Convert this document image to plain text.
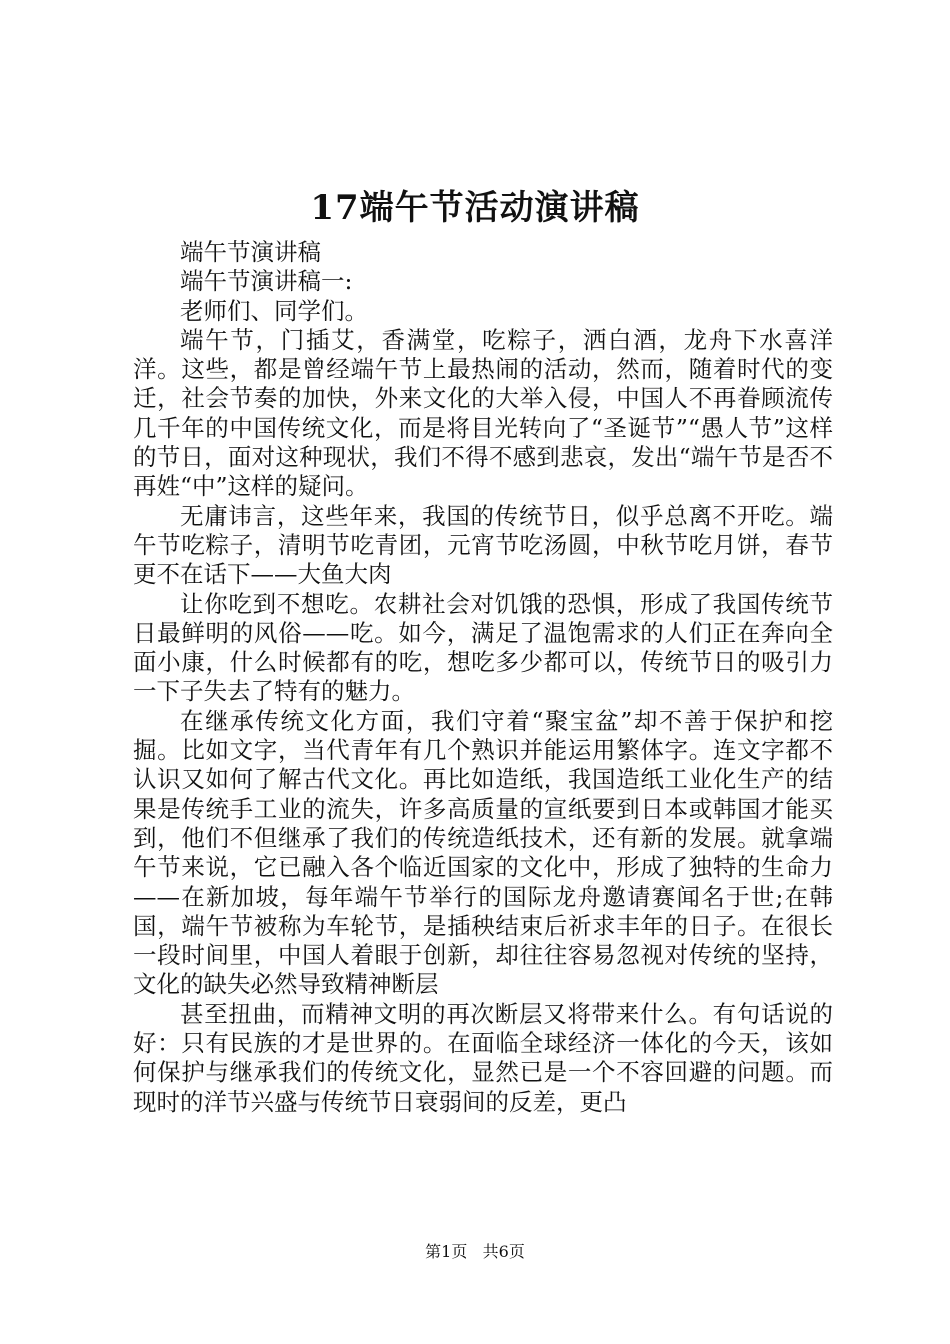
17端午节活动演讲稿

端午节演讲稿

端午节演讲稿一:

老师们、同学们。

端午节，门插艾，香满堂，吃粽子，洒白酒，龙舟下水喜洋洋。这些，都是曾经端午节上最热闹的活动，然而，随着时代的变迁，社会节奏的加快，外来文化的大举入侵，中国人不再眷顾流传几千年的中国传统文化，而是将目光转向了“圣诞节”“愚人节”这样的节日，面对这种现状，我们不得不感到悲哀，发出“端午节是否不再姓“中”这样的疑问。

无庸讳言，这些年来，我国的传统节日，似乎总离不开吃。端午节吃粽子，清明节吃青团，元宵节吃汤圆，中秋节吃月饼，春节更不在话下——大鱼大肉

让你吃到不想吃。农耕社会对饥饿的恐惧，形成了我国传统节日最鲜明的风俗——吃。如今，满足了温饱需求的人们正在奔向全面小康，什么时候都有的吃，想吃多少都可以，传统节日的吸引力一下子失去了特有的魅力。

在继承传统文化方面，我们守着“聚宝盆”却不善于保护和挖掘。比如文字，当代青年有几个熟识并能运用繁体字。连文字都不认识又如何了解古代文化。再比如造纸，我国造纸工业化生产的结果是传统手工业的流失，许多高质量的宣纸要到日本或韩国才能买到，他们不但继承了我们的传统造纸技术，还有新的发展。就拿端午节来说，它已融入各个临近国家的文化中，形成了独特的生命力——在新加坡，每年端午节举行的国际龙舟邀请赛闻名于世;在韩国，端午节被称为车轮节，是插秧结束后祈求丰年的日子。在很长一段时间里，中国人着眼于创新，却往往容易忽视对传统的坚持，文化的缺失必然导致精神断层

甚至扭曲，而精神文明的再次断层又将带来什么。有句话说的好：只有民族的才是世界的。在面临全球经济一体化的今天，该如何保护与继承我们的传统文化，显然已是一个不容回避的问题。而现时的洋节兴盛与传统节日衰弱间的反差，更凸

第1页 共6页
